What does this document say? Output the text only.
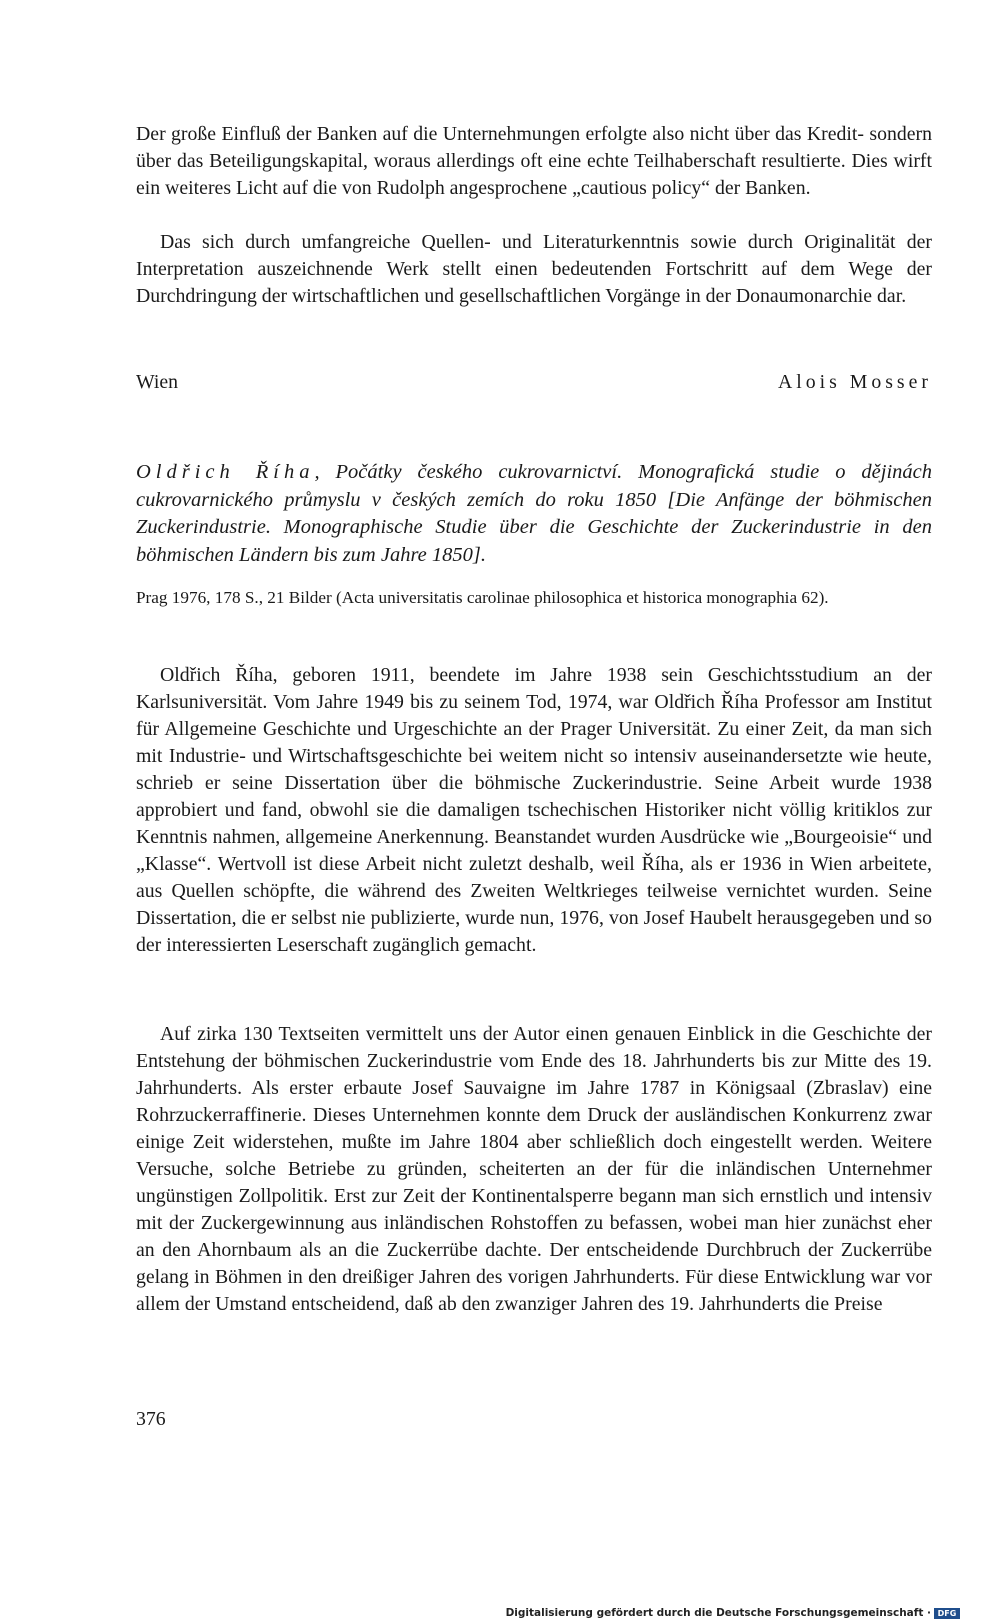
Der große Einfluß der Banken auf die Unternehmungen erfolgte also nicht über das Kredit- sondern über das Beteiligungskapital, woraus allerdings oft eine echte Teilhaberschaft resultierte. Dies wirft ein weiteres Licht auf die von Rudolph angesprochene „cautious policy“ der Banken.

Das sich durch umfangreiche Quellen- und Literaturkenntnis sowie durch Originalität der Interpretation auszeichnende Werk stellt einen bedeutenden Fortschritt auf dem Wege der Durchdringung der wirtschaftlichen und gesellschaftlichen Vorgänge in der Donaumonarchie dar.

Wien	Alois Mosser

Oldřich Říha, Počátky českého cukrovarnictví. Monografická studie o dějinách cukrovarnického průmyslu v českých zemích do roku 1850 [Die Anfänge der böhmischen Zuckerindustrie. Monographische Studie über die Geschichte der Zuckerindustrie in den böhmischen Ländern bis zum Jahre 1850].

Prag 1976, 178 S., 21 Bilder (Acta universitatis carolinae philosophica et historica monographia 62).

Oldřich Říha, geboren 1911, beendete im Jahre 1938 sein Geschichtsstudium an der Karlsuniversität. Vom Jahre 1949 bis zu seinem Tod, 1974, war Oldřich Říha Professor am Institut für Allgemeine Geschichte und Urgeschichte an der Prager Universität. Zu einer Zeit, da man sich mit Industrie- und Wirtschaftsgeschichte bei weitem nicht so intensiv auseinandersetzte wie heute, schrieb er seine Dissertation über die böhmische Zuckerindustrie. Seine Arbeit wurde 1938 approbiert und fand, obwohl sie die damaligen tschechischen Historiker nicht völlig kritiklos zur Kenntnis nahmen, allgemeine Anerkennung. Beanstandet wurden Ausdrücke wie „Bourgeoisie“ und „Klasse“. Wertvoll ist diese Arbeit nicht zuletzt deshalb, weil Říha, als er 1936 in Wien arbeitete, aus Quellen schöpfte, die während des Zweiten Weltkrieges teilweise vernichtet wurden. Seine Dissertation, die er selbst nie publizierte, wurde nun, 1976, von Josef Haubelt herausgegeben und so der interessierten Leserschaft zugänglich gemacht.

Auf zirka 130 Textseiten vermittelt uns der Autor einen genauen Einblick in die Geschichte der Entstehung der böhmischen Zuckerindustrie vom Ende des 18. Jahrhunderts bis zur Mitte des 19. Jahrhunderts. Als erster erbaute Josef Sauvaigne im Jahre 1787 in Königsaal (Zbraslav) eine Rohrzuckerraffinerie. Dieses Unternehmen konnte dem Druck der ausländischen Konkurrenz zwar einige Zeit widerstehen, mußte im Jahre 1804 aber schließlich doch eingestellt werden. Weitere Versuche, solche Betriebe zu gründen, scheiterten an der für die inländischen Unternehmer ungünstigen Zollpolitik. Erst zur Zeit der Kontinentalsperre begann man sich ernstlich und intensiv mit der Zuckergewinnung aus inländischen Rohstoffen zu befassen, wobei man hier zunächst eher an den Ahornbaum als an die Zuckerrübe dachte. Der entscheidende Durchbruch der Zuckerrübe gelang in Böhmen in den dreißiger Jahren des vorigen Jahrhunderts. Für diese Entwicklung war vor allem der Umstand entscheidend, daß ab den zwanziger Jahren des 19. Jahrhunderts die Preise

376

Digitalisierung gefördert durch die Deutsche Forschungsgemeinschaft · DFG
